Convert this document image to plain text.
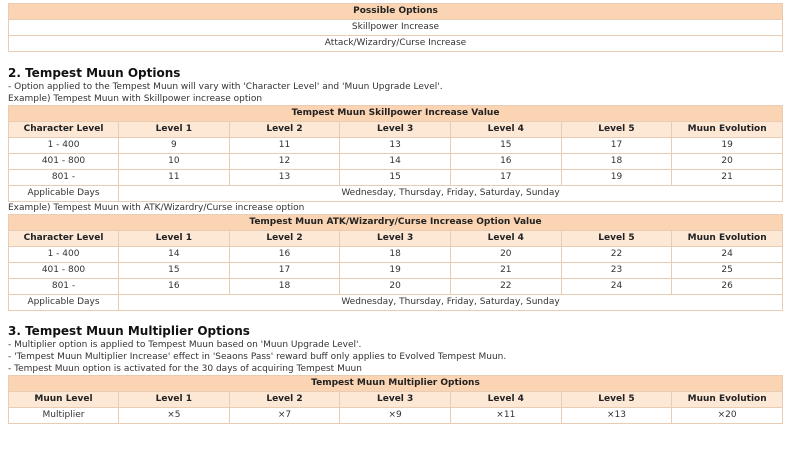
Possible Options
Skillpower Increase
Attack/Wizardry/Curse Increase
2. Tempest Muun Options
- Option applied to the Tempest Muun will vary with 'Character Level' and 'Muun Upgrade Level'.
Example) Tempest Muun with Skillpower increase option
Tempest Muun Skillpower Increase Value						
Character Level	Level 1	Level 2	Level 3	Level 4	Level 5	Muun Evolution
1 - 400	9	11	13	15	17	19
401 - 800	10	12	14	16	18	20
801 -	11	13	15	17	19	21
Applicable Days	Wednesday, Thursday, Friday, Saturday, Sunday					
Example) Tempest Muun with ATK/Wizardry/Curse increase option
Tempest Muun ATK/Wizardry/Curse Increase Option Value						
Character Level	Level 1	Level 2	Level 3	Level 4	Level 5	Muun Evolution
1 - 400	14	16	18	20	22	24
401 - 800	15	17	19	21	23	25
801 -	16	18	20	22	24	26
Applicable Days	Wednesday, Thursday, Friday, Saturday, Sunday					
3. Tempest Muun Multiplier Options
- Multiplier option is applied to Tempest Muun based on 'Muun Upgrade Level'.
- 'Tempest Muun Multiplier Increase' effect in 'Seaons Pass' reward buff only applies to Evolved Tempest Muun.
- Tempest Muun option is activated for the 30 days of acquiring Tempest Muun
Tempest Muun Multiplier Options						
Muun Level	Level 1	Level 2	Level 3	Level 4	Level 5	Muun Evolution
Multiplier	×5	×7	×9	×11	×13	×20
